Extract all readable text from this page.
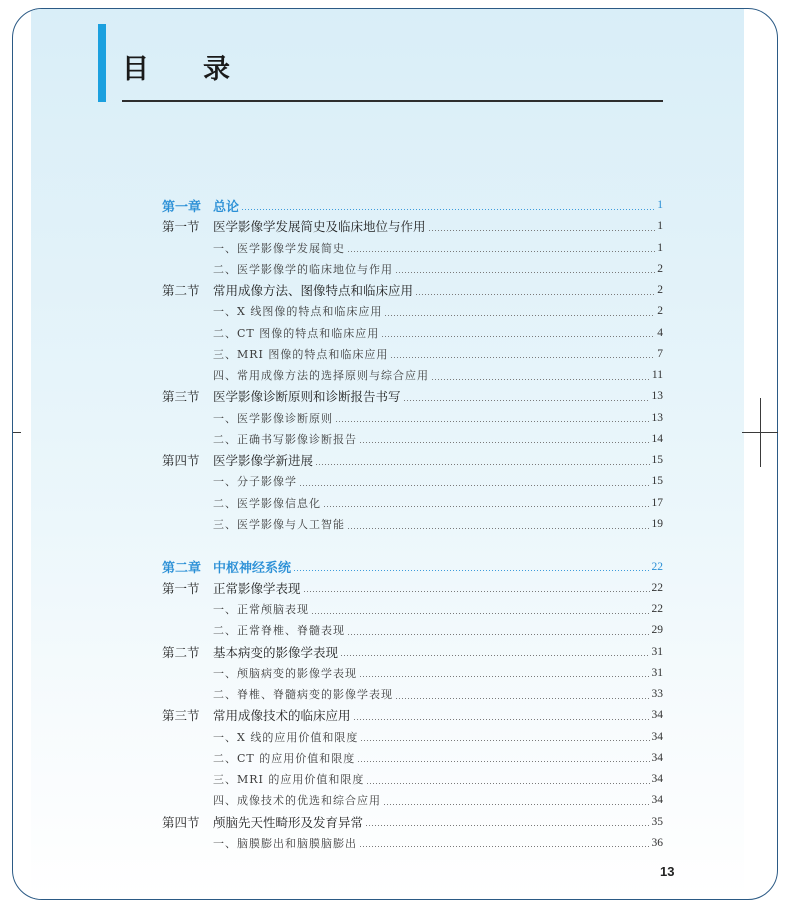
目　　录
第一章 总论	1
第一节	医学影像学发展简史及临床地位与作用	1
一、医学影像学发展简史	1
二、医学影像学的临床地位与作用	2
第二节	常用成像方法、图像特点和临床应用	2
一、X 线图像的特点和临床应用	2
二、CT 图像的特点和临床应用	4
三、MRI 图像的特点和临床应用	7
四、常用成像方法的选择原则与综合应用	11
第三节	医学影像诊断原则和诊断报告书写	13
一、医学影像诊断原则	13
二、正确书写影像诊断报告	14
第四节	医学影像学新进展	15
一、分子影像学	15
二、医学影像信息化	17
三、医学影像与人工智能	19
第二章 中枢神经系统	22
第一节	正常影像学表现	22
一、正常颅脑表现	22
二、正常脊椎、脊髓表现	29
第二节	基本病变的影像学表现	31
一、颅脑病变的影像学表现	31
二、脊椎、脊髓病变的影像学表现	33
第三节	常用成像技术的临床应用	34
一、X 线的应用价值和限度	34
二、CT 的应用价值和限度	34
三、MRI 的应用价值和限度	34
四、成像技术的优选和综合应用	34
第四节	颅脑先天性畸形及发育异常	35
一、脑膜膨出和脑膜脑膨出	36
13
